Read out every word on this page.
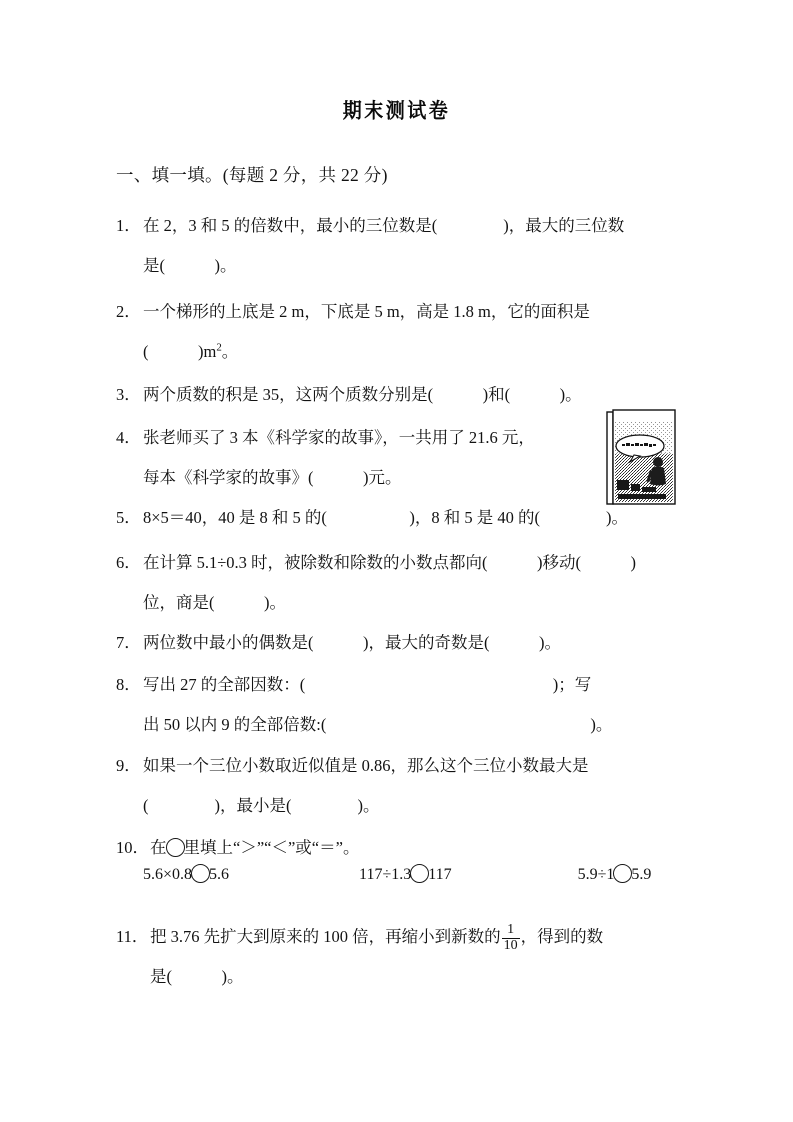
期末测试卷
一、填一填。(每题 2 分，共 22 分)
1． 在 2，3 和 5 的倍数中，最小的三位数是(　　　　)，最大的三位数
是(　　　)。
2． 一个梯形的上底是 2 m，下底是 5 m，高是 1.8 m，它的面积是
(　　　)$m^2$。
3． 两个质数的积是 35，这两个质数分别是(　　　)和(　　　)。
4． 张老师买了 3 本《科学家的故事》，一共用了 21.6 元，
每本《科学家的故事》(　　　)元。
5． 8×5＝40，40 是 8 和 5 的(　　　　　)，8 和 5 是 40 的(　　　　)。
6． 在计算 5.1÷0.3 时，被除数和除数的小数点都向(　　　)移动(　　　)
位，商是(　　　)。
7． 两位数中最小的偶数是(　　　)，最大的奇数是(　　　)。
8． 写出 27 的全部因数：(　　　　　　　　　　　　　　　)；写
出 50 以内 9 的全部倍数:(　　　　　　　　　　　　　　　　)。
9． 如果一个三位小数取近似值是 0.86，那么这个三位小数最大是
(　　　　)，最小是(　　　　)。
10． 在 里填上“＞”“＜”或“＝”。
5.6×0.8 5.6	117÷1.3 117	5.9÷1 5.9
11． 把 3.76 先扩大到原来的 100 倍，再缩小到新数的 $\frac{1}{10}$ ，得到的数
是(　　　)。
